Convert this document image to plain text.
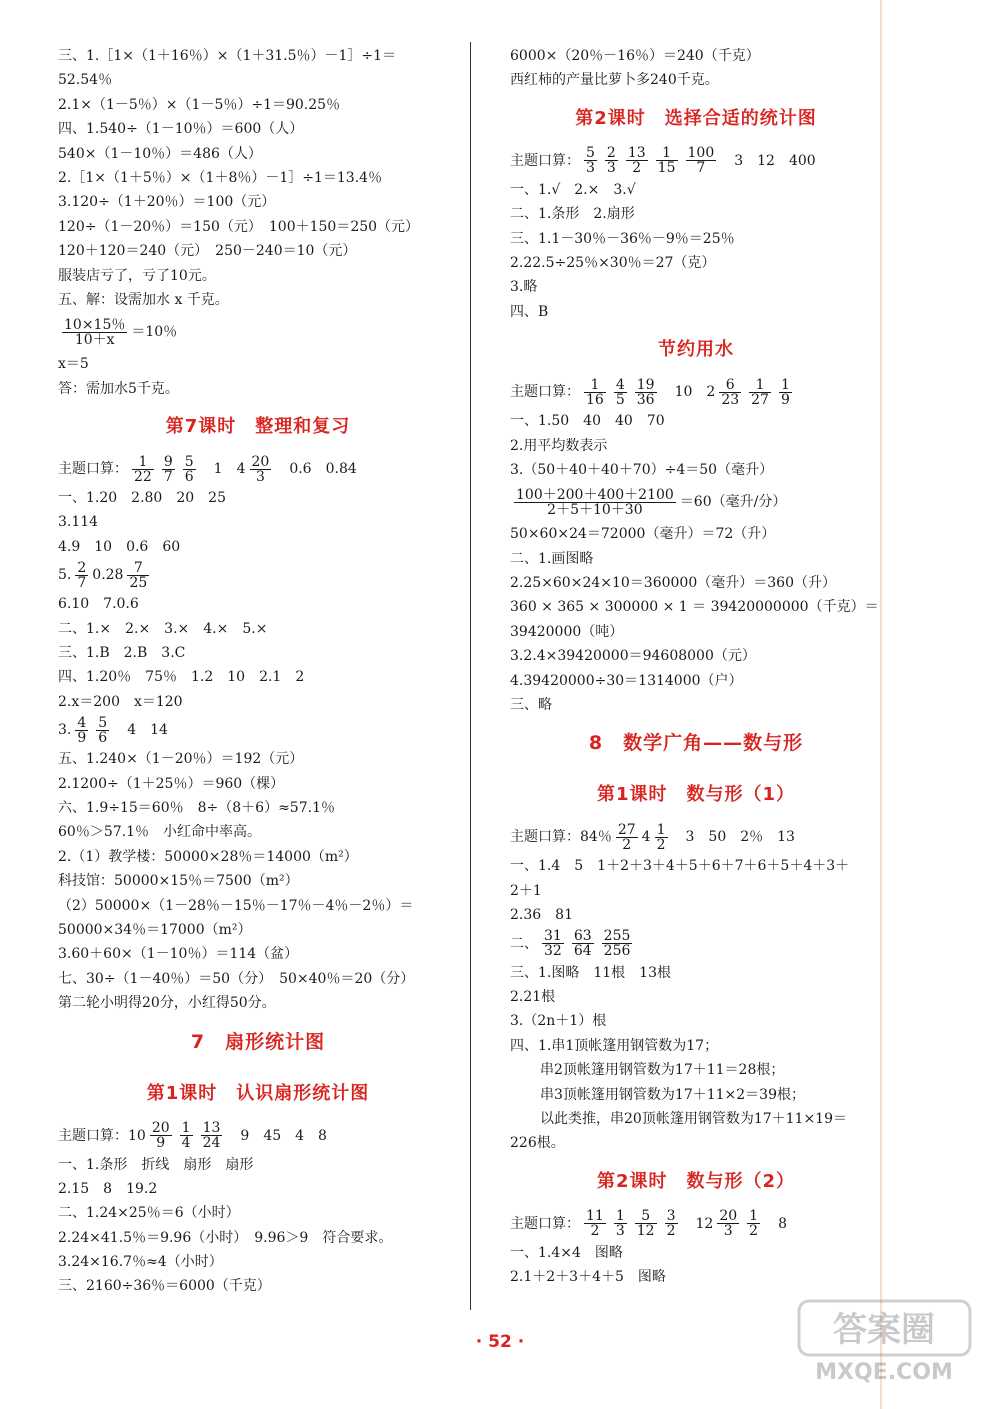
三、1.［1×（1＋16％）×（1＋31.5％）－1］÷1＝
52.54％
2.1×（1－5％）×（1－5％）÷1＝90.25％
四、1.540÷（1－10％）＝600（人）
540×（1－10％）＝486（人）
2.［1×（1＋5％）×（1＋8％）－1］÷1＝13.4％
3.120÷（1＋20％）＝100（元）
120÷（1－20％）＝150（元）　100＋150＝250（元）
120＋120＝240（元）　250－240＝10（元）
服装店亏了，亏了10元。
五、解：设需加水 x 千克。
$\frac{10\times 15\%}{10+x} =10$％
x＝5
答：需加水5千克。
第7课时　整理和复习
主题口算： $\frac{1}{22} \frac{9}{7} \frac{5}{6}$ 　1　$4 \frac{20}{3}$ 　0.6　0.84
一、1.20　2.80　20　25
3.114
4.9　10　0.6　60
5. $\frac{2}{7} 0.28 \frac{7}{25}$
6.10　7.0.6
二、1.×　2.×　3.×　4.×　5.×
三、1.B　2.B　3.C
四、1.20％　75％　1.2　10　2.1　2
2.x＝200　x＝120
3. $\frac{4}{9} \frac{5}{6}$ 　4　14
五、1.240×（1－20％）＝192（元）
2.1200÷（1＋25％）＝960（棵）
六、1.9÷15＝60％　8÷（8＋6）≈57.1％
60％＞57.1％　小红命中率高。
2.（1）教学楼：50000×28％＝14000（m²）
科技馆：50000×15％＝7500（m²）
（2）50000×（1－28％－15％－17％－4％－2％）＝
50000×34％＝17000（m²）
3.60＋60×（1－10％）＝114（盆）
七、30÷（1－40％）＝50（分）　50×40％＝20（分）
第二轮小明得20分，小红得50分。
7　扇形统计图
第1课时　认识扇形统计图
主题口算：$10 \frac{20}{9} \frac{1}{4} \frac{13}{24}$ 　9　45　4　8
一、1.条形　折线　扇形　扇形
2.15　8　19.2
二、1.24×25％＝6（小时）
2.24×41.5％＝9.96（小时）　9.96＞9　符合要求。
3.24×16.7％≈4（小时）
三、2160÷36％＝6000（千克）
6000×（20％－16％）＝240（千克）
西红柿的产量比萝卜多240千克。
第2课时　选择合适的统计图
主题口算： $\frac{5}{3} \frac{2}{3} \frac{13}{2} \frac{1}{15} \frac{100}{7}$ 　3　12　400
一、1.√　2.×　3.√
二、1.条形　2.扇形
三、1.1－30％－36％－9％＝25％
2.22.5÷25％×30％＝27（克）
3.略
四、B
节约用水
主题口算： $\frac{1}{16} \frac{4}{5} \frac{19}{36}$ 　10　$2 \frac{6}{23} \frac{1}{27} \frac{1}{9}$
一、1.50　40　40　70
2.用平均数表示
3.（50＋40＋40＋70）÷4＝50（毫升）
$\frac{100+200+400+2100}{2+5+10+30} =60$（毫升/分）
50×60×24＝72000（毫升）＝72（升）
二、1.画图略
2.25×60×24×10＝360000（毫升）＝360（升）
360 × 365 × 300000 × 1 ＝ 39420000000（千克）＝
39420000（吨）
3.2.4×39420000＝94608000（元）
4.39420000÷30＝1314000（户）
三、略
8　数学广角——数与形
第1课时　数与形（1）
主题口算：84％ $\frac{27}{2} 4 \frac{1}{2}$ 　3　50　2％　13
一、1.4　5　1＋2＋3＋4＋5＋6＋7＋6＋5＋4＋3＋
2＋1
2.36　81
二、 $\frac{31}{32} \frac{63}{64} \frac{255}{256}$
三、1.图略　11根　13根
2.21根
3.（2n＋1）根
四、1.串1顶帐篷用钢管数为17；
串2顶帐篷用钢管数为17＋11＝28根；
串3顶帐篷用钢管数为17＋11×2＝39根；
以此类推，串20顶帐篷用钢管数为17＋11×19＝
226根。
第2课时　数与形（2）
主题口算： $\frac{11}{2} \frac{1}{3} \frac{5}{12} \frac{3}{2}$ 　$12 \frac{20}{3} \frac{1}{2}$ 　8
一、1.4×4　图略
2.1＋2＋3＋4＋5　图略
· 52 ·	答案圈
MXQE.COM
